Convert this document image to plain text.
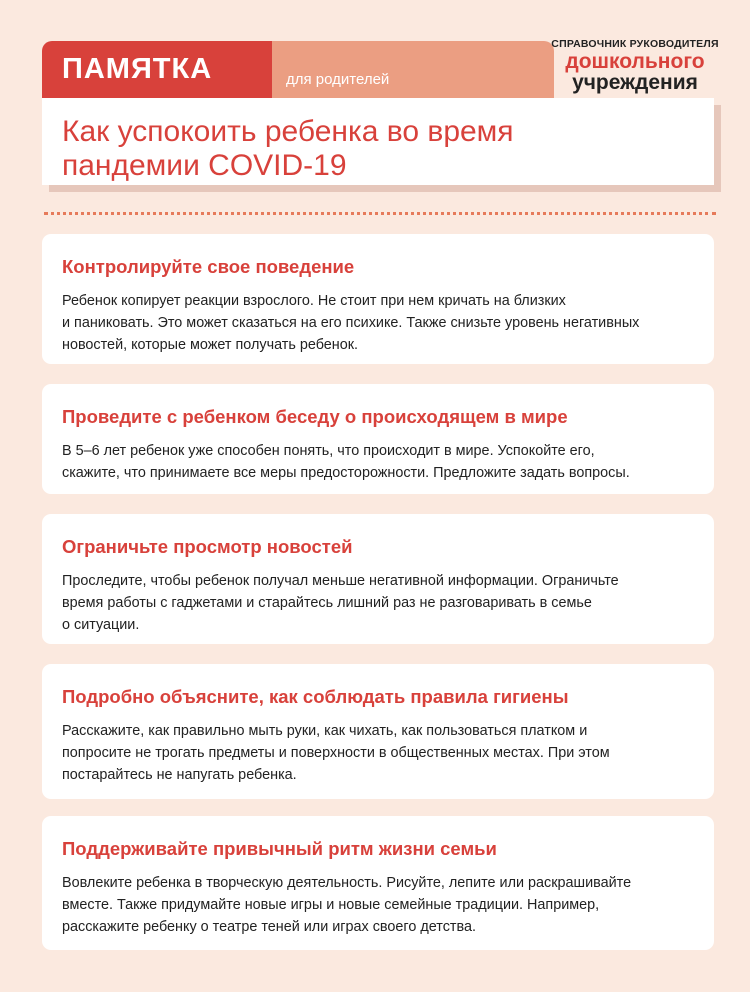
ПАМЯТКА	для родителей
СПРАВОЧНИК РУКОВОДИТЕЛЯ
дошкольного
учреждения
Как успокоить ребенка во время
пандемии COVID-19
Контролируйте свое поведение

Ребенок копирует реакции взрослого. Не стоит при нем кричать на близких
и паниковать. Это может сказаться на его психике. Также снизьте уровень негативных
новостей, которые может получать ребенок.

Проведите с ребенком беседу о происходящем в мире

В 5–6 лет ребенок уже способен понять, что происходит в мире. Успокойте его,
скажите, что принимаете все меры предосторожности. Предложите задать вопросы.

Ограничьте просмотр новостей

Проследите, чтобы ребенок получал меньше негативной информации. Ограничьте
время работы с гаджетами и старайтесь лишний раз не разговаривать в семье
о ситуации.

Подробно объясните, как соблюдать правила гигиены

Расскажите, как правильно мыть руки, как чихать, как пользоваться платком и
попросите не трогать предметы и поверхности в общественных местах. При этом
постарайтесь не напугать ребенка.

Поддерживайте привычный ритм жизни семьи

Вовлеките ребенка в творческую деятельность. Рисуйте, лепите или раскрашивайте
вместе. Также придумайте новые игры и новые семейные традиции. Например,
расскажите ребенку о театре теней или играх своего детства.
